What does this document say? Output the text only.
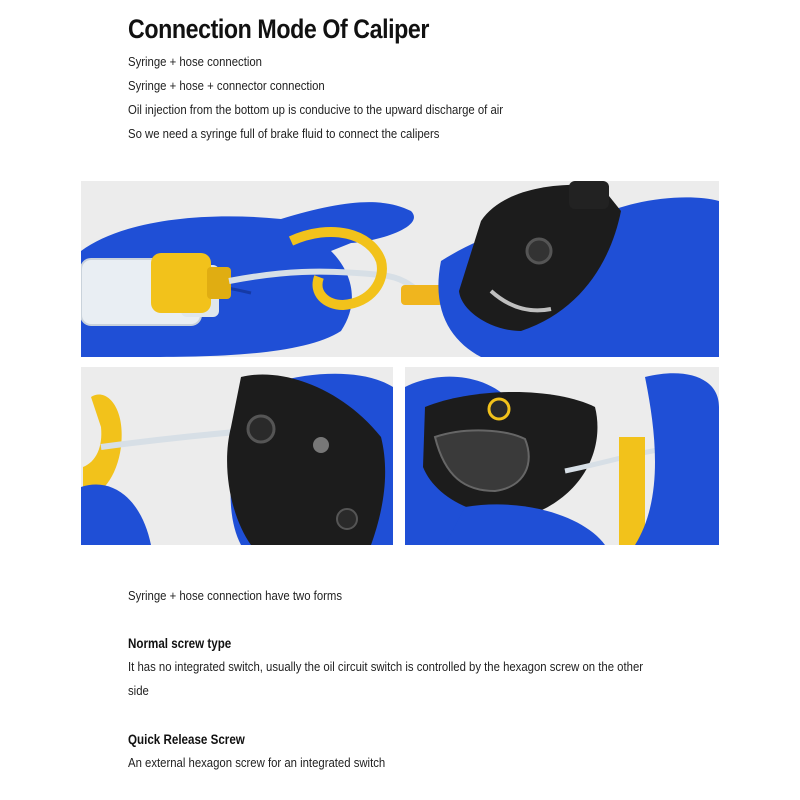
Connection Mode Of Caliper
Syringe + hose connection
Syringe + hose + connector connection
Oil injection from the bottom up is conducive to the upward discharge of air
So we need a syringe full of brake fluid to connect the calipers
Syringe + hose connection have two forms
Normal screw type

It has no integrated switch, usually the oil circuit switch is controlled by the hexagon screw on the other side

Quick Release Screw

An external hexagon screw for an integrated switch
